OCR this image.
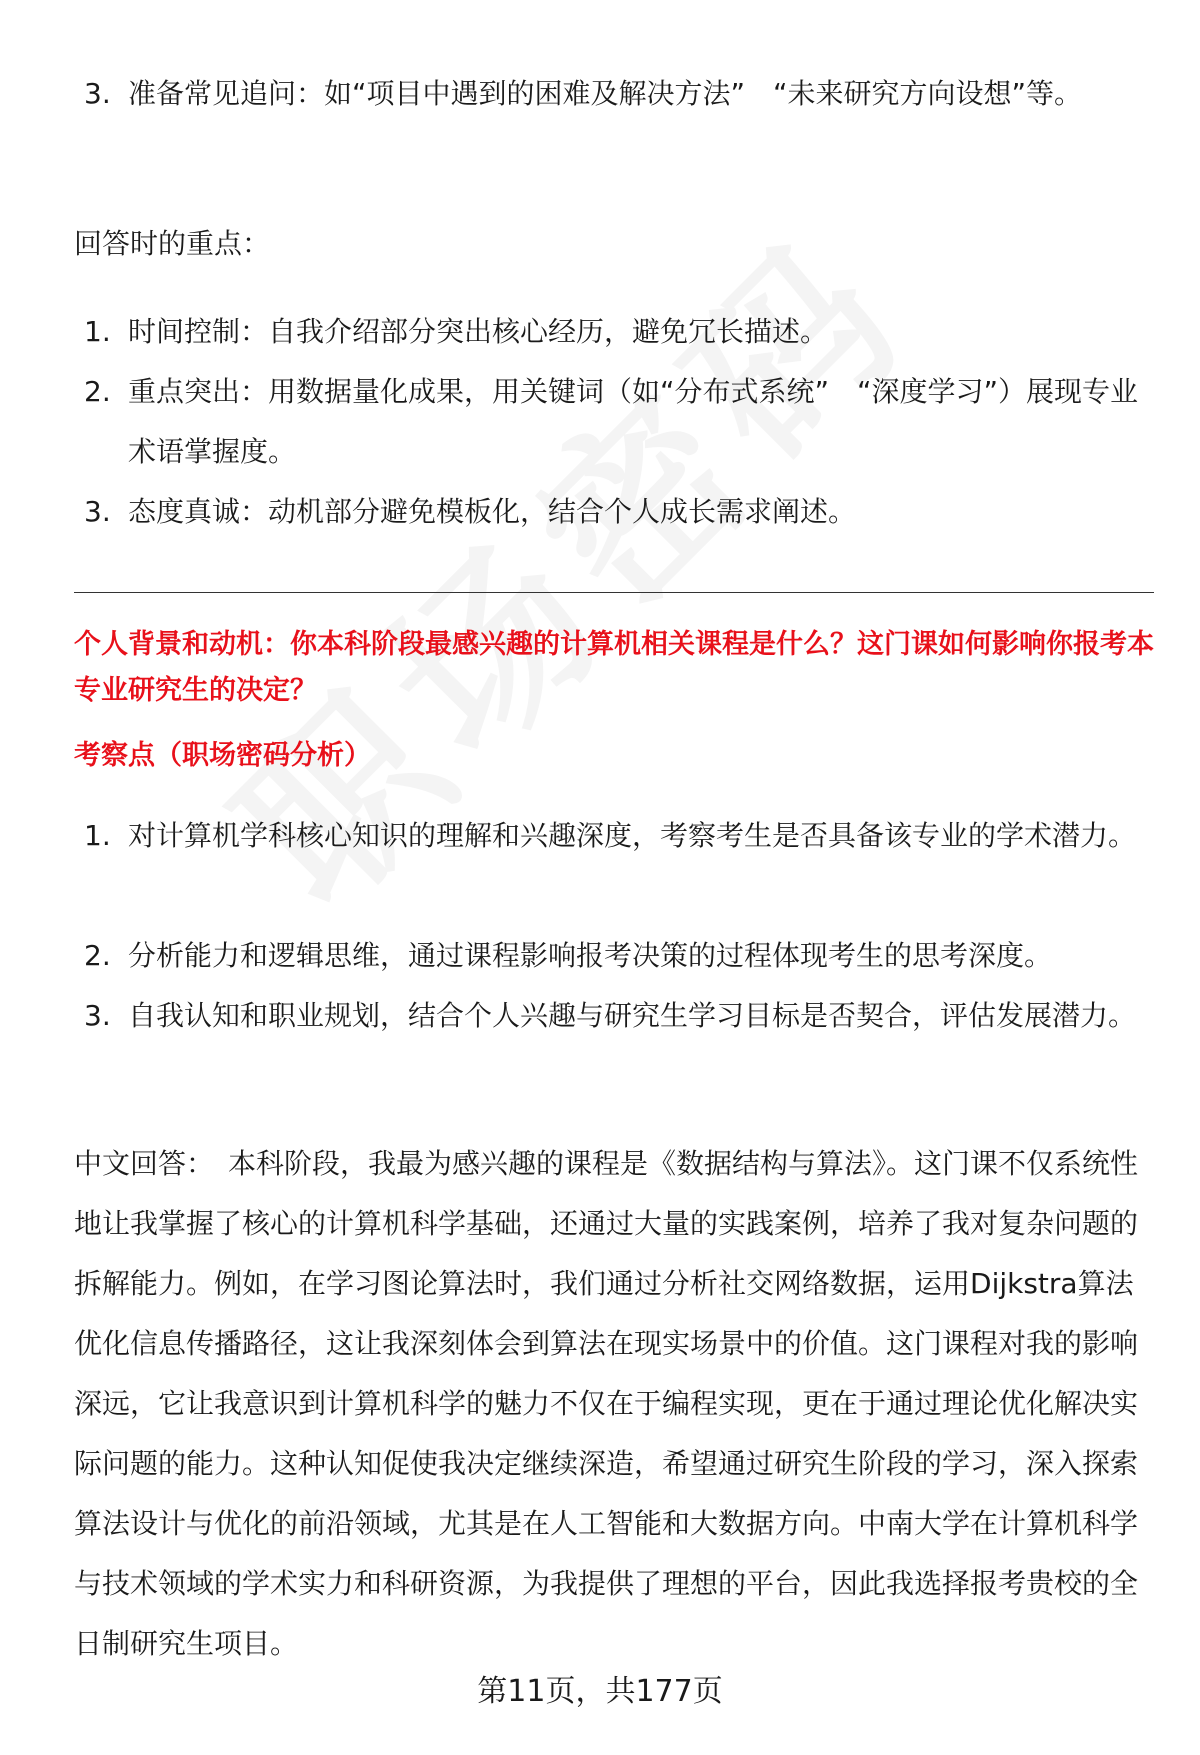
3. 准备常见追问：如“项目中遇到的困难及解决方法”　“未来研究方向设想”等。
回答时的重点：
1. 时间控制：自我介绍部分突出核心经历，避免冗长描述。
2. 重点突出：用数据量化成果，用关键词（如“分布式系统”　“深度学习”）展现专业术语掌握度。
3. 态度真诚：动机部分避免模板化，结合个人成长需求阐述。
个人背景和动机：你本科阶段最感兴趣的计算机相关课程是什么？这门课如何影响你报考本专业研究生的决定？
考察点（职场密码分析）
1. 对计算机学科核心知识的理解和兴趣深度，考察考生是否具备该专业的学术潜力。
2. 分析能力和逻辑思维，通过课程影响报考决策的过程体现考生的思考深度。
3. 自我认知和职业规划，结合个人兴趣与研究生学习目标是否契合，评估发展潜力。
中文回答：　本科阶段，我最为感兴趣的课程是《数据结构与算法》。这门课不仅系统性地让我掌握了核心的计算机科学基础，还通过大量的实践案例，培养了我对复杂问题的拆解能力。例如，在学习图论算法时，我们通过分析社交网络数据，运用Dijkstra算法优化信息传播路径，这让我深刻体会到算法在现实场景中的价值。这门课程对我的影响深远，它让我意识到计算机科学的魅力不仅在于编程实现，更在于通过理论优化解决实际问题的能力。这种认知促使我决定继续深造，希望通过研究生阶段的学习，深入探索算法设计与优化的前沿领域，尤其是在人工智能和大数据方向。中南大学在计算机科学与技术领域的学术实力和科研资源，为我提供了理想的平台，因此我选择报考贵校的全日制研究生项目。
第11页，共177页
